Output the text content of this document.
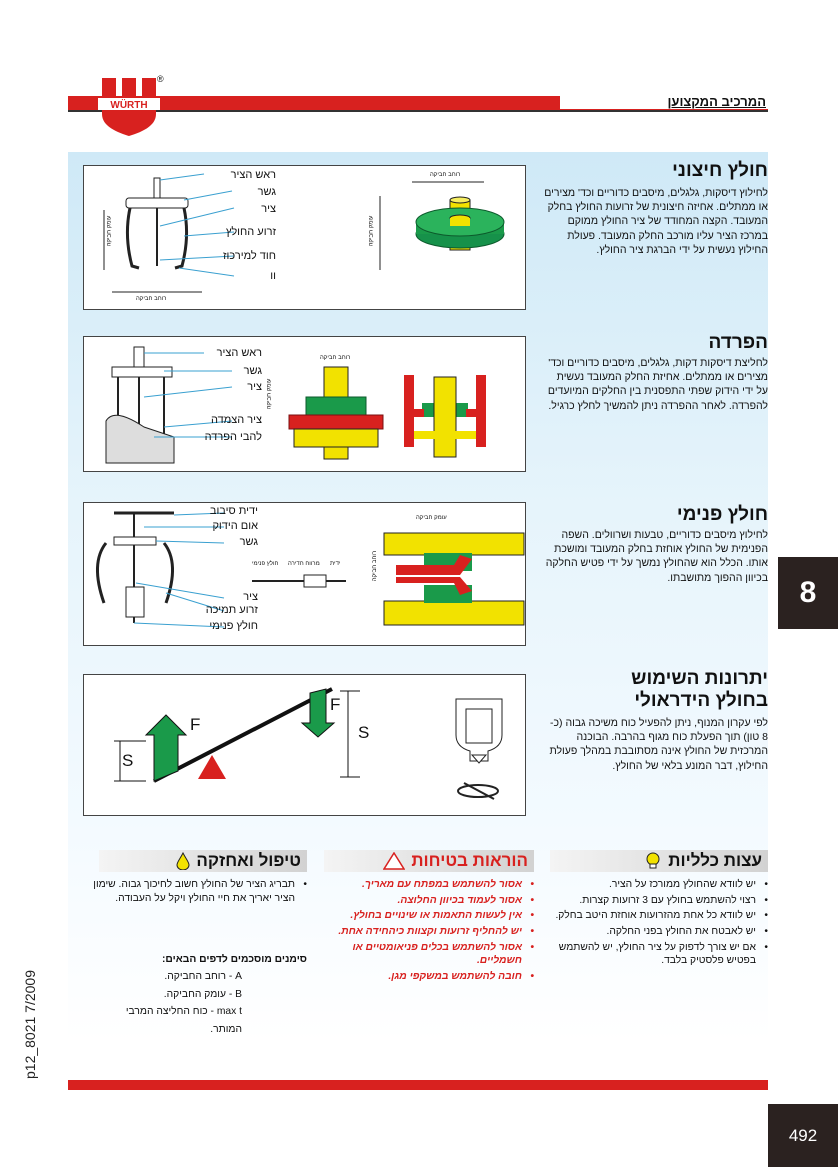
WÜRTH
®
המרכיב המקצוען
חולץ חיצוני
לחילוץ דיסקות, גלגלים, מיסבים כדוריים וכד' מצירים או ממתלים. אחיזה חיצונית של זרועות החולץ בחלק המעובד. הקצה המחודד של ציר החולץ ממוקם במרכז הציר עליו מורכב החלק המעובד. פעולת החילוץ נעשית על ידי הברגת ציר החולץ.
ראש הציר
גשר
ציר
זרוע החולץ
חוד למירכוז
וו
רוחב חביקה
עומק חביקה
רוחב חביקה
עומק חביקה
הפרדה
לחליצת דיסקות דקות, גלגלים, מיסבים כדוריים וכד' מצירים או ממתלים. אחיזת החלק המעובד נעשית על ידי הידוק שפתי התפסנית בין החלקים המיועדים להפרדה. לאחר ההפרדה ניתן להמשיך לחלץ כרגיל.
ראש הציר
גשר
ציר
ציר הצמדה
להבי הפרדה
רוחב חביקה
עומק חביקה
חולץ פנימי
לחילוץ מיסבים כדוריים, טבעות ושרוולים. השפה הפנימית של החולץ אוחזת בחלק המעובד ומושכת אותו. הכלל הוא שהחולץ נמשך על ידי פטיש החלקה בכיוון ההפוך מתושבתו.
ידית סיבוב
אום הידוק
גשר
ציר
זרוע תמיכה
חולץ פנימי
חולץ פנימי מרווח חדירה ידית
עומק חביקה
רוחב חביקה
יתרונות השימוש
בחולץ הידראולי
לפי עקרון המנוף, ניתן להפעיל כוח משיכה גבוה (כ- 8 טון) תוך הפעלת כוח מגוף בהרבה. הבוכנה המרכזית של החולץ אינה מסתובבת במהלך פעולת החילוץ, דבר המונע בלאי של החולץ.
F
F
S
S
8
עצות כלליות
• יש לוודא שהחולץ ממורכז על הציר.
• רצוי להשתמש בחולץ עם 3 זרועות קצרות.
• יש לוודא כל אחת מהזרועות אוחזת היטב בחלק.
• יש לאבטח את החולץ בפני החלקה.
• אם יש צורך לדפוק על ציר החולץ, יש להשתמש בפטיש פלסטיק בלבד.
הוראות בטיחות
• אסור להשתמש במפתח עם מאריך.
• אסור לעמוד בכיוון החלוצה.
• אין לעשות התאמות או שינויים בחולץ.
• יש להחליף זרועות וקצוות כיהחידה אחת.
• אסור להשתמש בכלים פניאומטיים או חשמליים.
• חובה להשתמש במשקפי מגן.
טיפול ואחזקה
• תבריג הציר של החולץ חשוב לחיכוך גבוה. שימון הציר יאריך את חיי החולץ ויקל על העבודה.
סימנים מוסכמים לדפים הבאים:
A - רוחב החביקה.
B - עומק החביקה.
max t - כוח החליצה המרבי המותר.
p12_8021 7/2009
492
